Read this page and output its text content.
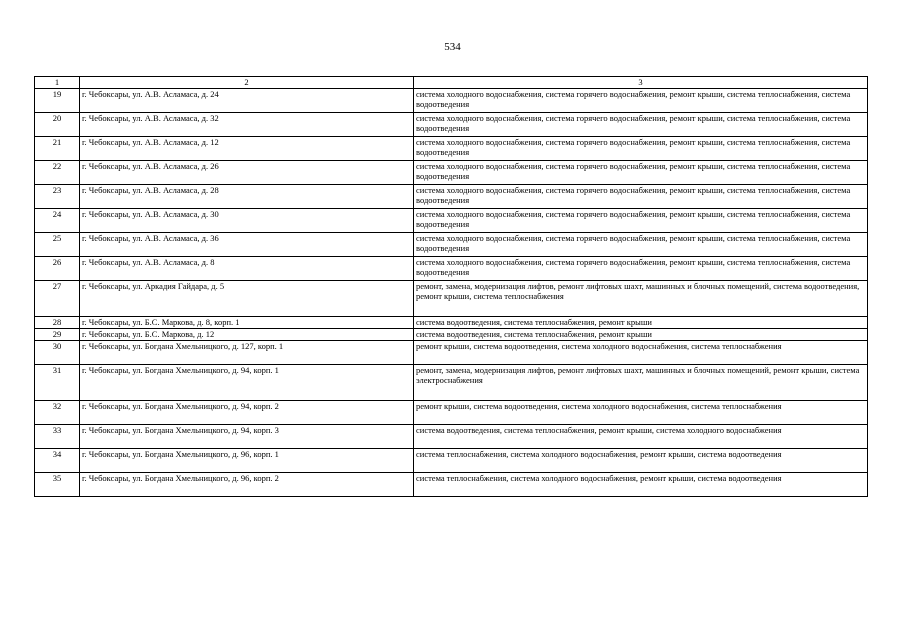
534
1	2	3
19	г. Чебоксары, ул. А.В. Асламаса, д. 24	система холодного водоснабжения, система горячего водоснабжения, ремонт крыши, система теплоснабжения, система водоотведения
20	г. Чебоксары, ул. А.В. Асламаса, д. 32	система холодного водоснабжения, система горячего водоснабжения, ремонт крыши, система теплоснабжения, система водоотведения
21	г. Чебоксары, ул. А.В. Асламаса, д. 12	система холодного водоснабжения, система горячего водоснабжения, ремонт крыши, система теплоснабжения, система водоотведения
22	г. Чебоксары, ул. А.В. Асламаса, д. 26	система холодного водоснабжения, система горячего водоснабжения, ремонт крыши, система теплоснабжения, система водоотведения
23	г. Чебоксары, ул. А.В. Асламаса, д. 28	система холодного водоснабжения, система горячего водоснабжения, ремонт крыши, система теплоснабжения, система водоотведения
24	г. Чебоксары, ул. А.В. Асламаса, д. 30	система холодного водоснабжения, система горячего водоснабжения, ремонт крыши, система теплоснабжения, система водоотведения
25	г. Чебоксары, ул. А.В. Асламаса, д. 36	система холодного водоснабжения, система горячего водоснабжения, ремонт крыши, система теплоснабжения, система водоотведения
26	г. Чебоксары, ул. А.В. Асламаса, д. 8	система холодного водоснабжения, система горячего водоснабжения, ремонт крыши, система теплоснабжения, система водоотведения
27	г. Чебоксары, ул. Аркадия Гайдара, д. 5	ремонт, замена, модернизация лифтов, ремонт лифтовых шахт, машинных и блочных помещений, система водоотведения, ремонт крыши, система теплоснабжения
28	г. Чебоксары, ул. Б.С. Маркова, д. 8, корп. 1	система водоотведения, система теплоснабжения, ремонт крыши
29	г. Чебоксары, ул. Б.С. Маркова, д. 12	система водоотведения, система теплоснабжения, ремонт крыши
30	г. Чебоксары, ул. Богдана Хмельницкого, д. 127, корп. 1	ремонт крыши, система водоотведения, система холодного водоснабжения, система теплоснабжения
31	г. Чебоксары, ул. Богдана Хмельницкого, д. 94, корп. 1	ремонт, замена, модернизация лифтов, ремонт лифтовых шахт, машинных и блочных помещений, ремонт крыши, система электроснабжения
32	г. Чебоксары, ул. Богдана Хмельницкого, д. 94, корп. 2	ремонт крыши, система водоотведения, система холодного водоснабжения, система теплоснабжения
33	г. Чебоксары, ул. Богдана Хмельницкого, д. 94, корп. 3	система водоотведения, система теплоснабжения, ремонт крыши, система холодного водоснабжения
34	г. Чебоксары, ул. Богдана Хмельницкого, д. 96, корп. 1	система теплоснабжения, система холодного водоснабжения, ремонт крыши, система водоотведения
35	г. Чебоксары, ул. Богдана Хмельницкого, д. 96, корп. 2	система теплоснабжения, система холодного водоснабжения, ремонт крыши, система водоотведения
